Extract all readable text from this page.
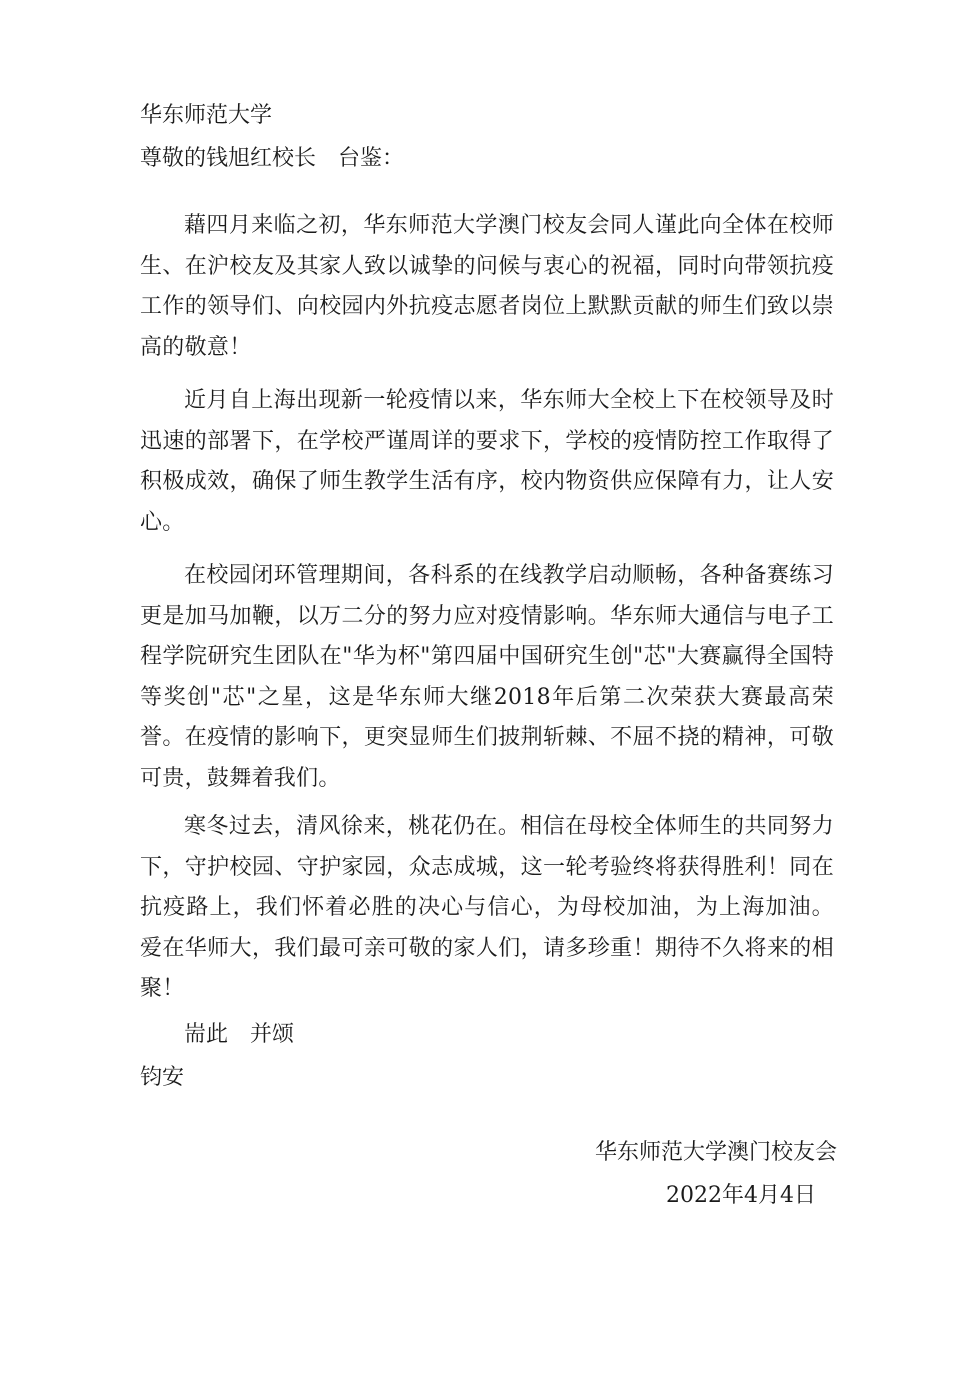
华东师范大学
尊敬的钱旭红校长　台鉴：
藉四月来临之初，华东师范大学澳门校友会同人谨此向全体在校师生、在沪校友及其家人致以诚挚的问候与衷心的祝福，同时向带领抗疫工作的领导们、向校园内外抗疫志愿者岗位上默默贡献的师生们致以崇高的敬意！
近月自上海出现新一轮疫情以来，华东师大全校上下在校领导及时迅速的部署下，在学校严谨周详的要求下，学校的疫情防控工作取得了积极成效，确保了师生教学生活有序，校内物资供应保障有力，让人安心。
在校园闭环管理期间，各科系的在线教学启动顺畅，各种备赛练习更是加马加鞭，以万二分的努力应对疫情影响。华东师大通信与电子工程学院研究生团队在"华为杯"第四届中国研究生创"芯"大赛赢得全国特等奖创"芯"之星，这是华东师大继2018年后第二次荣获大赛最高荣誉。在疫情的影响下，更突显师生们披荆斩棘、不屈不挠的精神，可敬可贵，鼓舞着我们。
寒冬过去，清风徐来，桃花仍在。相信在母校全体师生的共同努力下，守护校园、守护家园，众志成城，这一轮考验终将获得胜利！同在抗疫路上，我们怀着必胜的决心与信心，为母校加油，为上海加油。 爱在华师大，我们最可亲可敬的家人们，请多珍重！期待不久将来的相聚！
耑此　并颂
钧安
华东师范大学澳门校友会
2022年4月4日
